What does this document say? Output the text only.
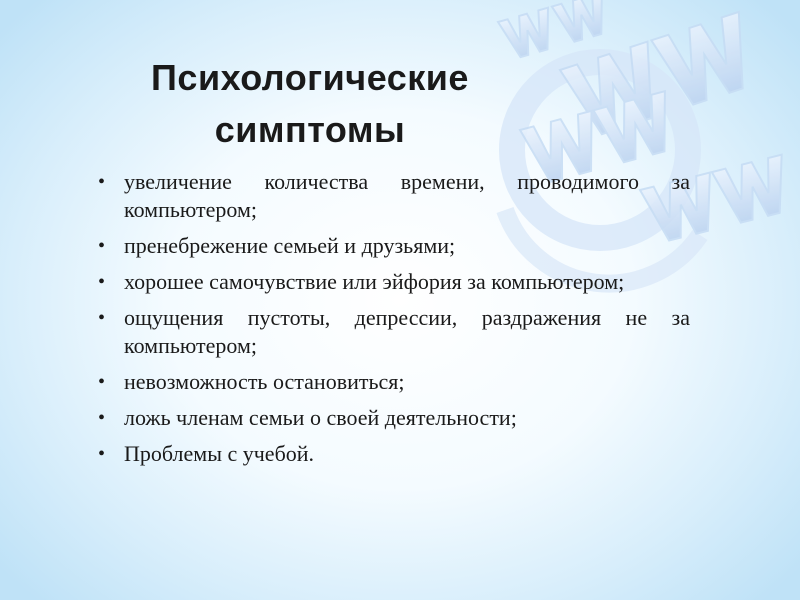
Психологические
симптомы
• увеличение количества времени, проводимого за компьютером;
• пренебрежение семьей и друзьями;
• хорошее самочувствие или эйфория за компьютером;
• ощущения пустоты, депрессии, раздражения не за компьютером;
• невозможность остановиться;
• ложь членам семьи о своей деятельности;
• Проблемы с учебой.
